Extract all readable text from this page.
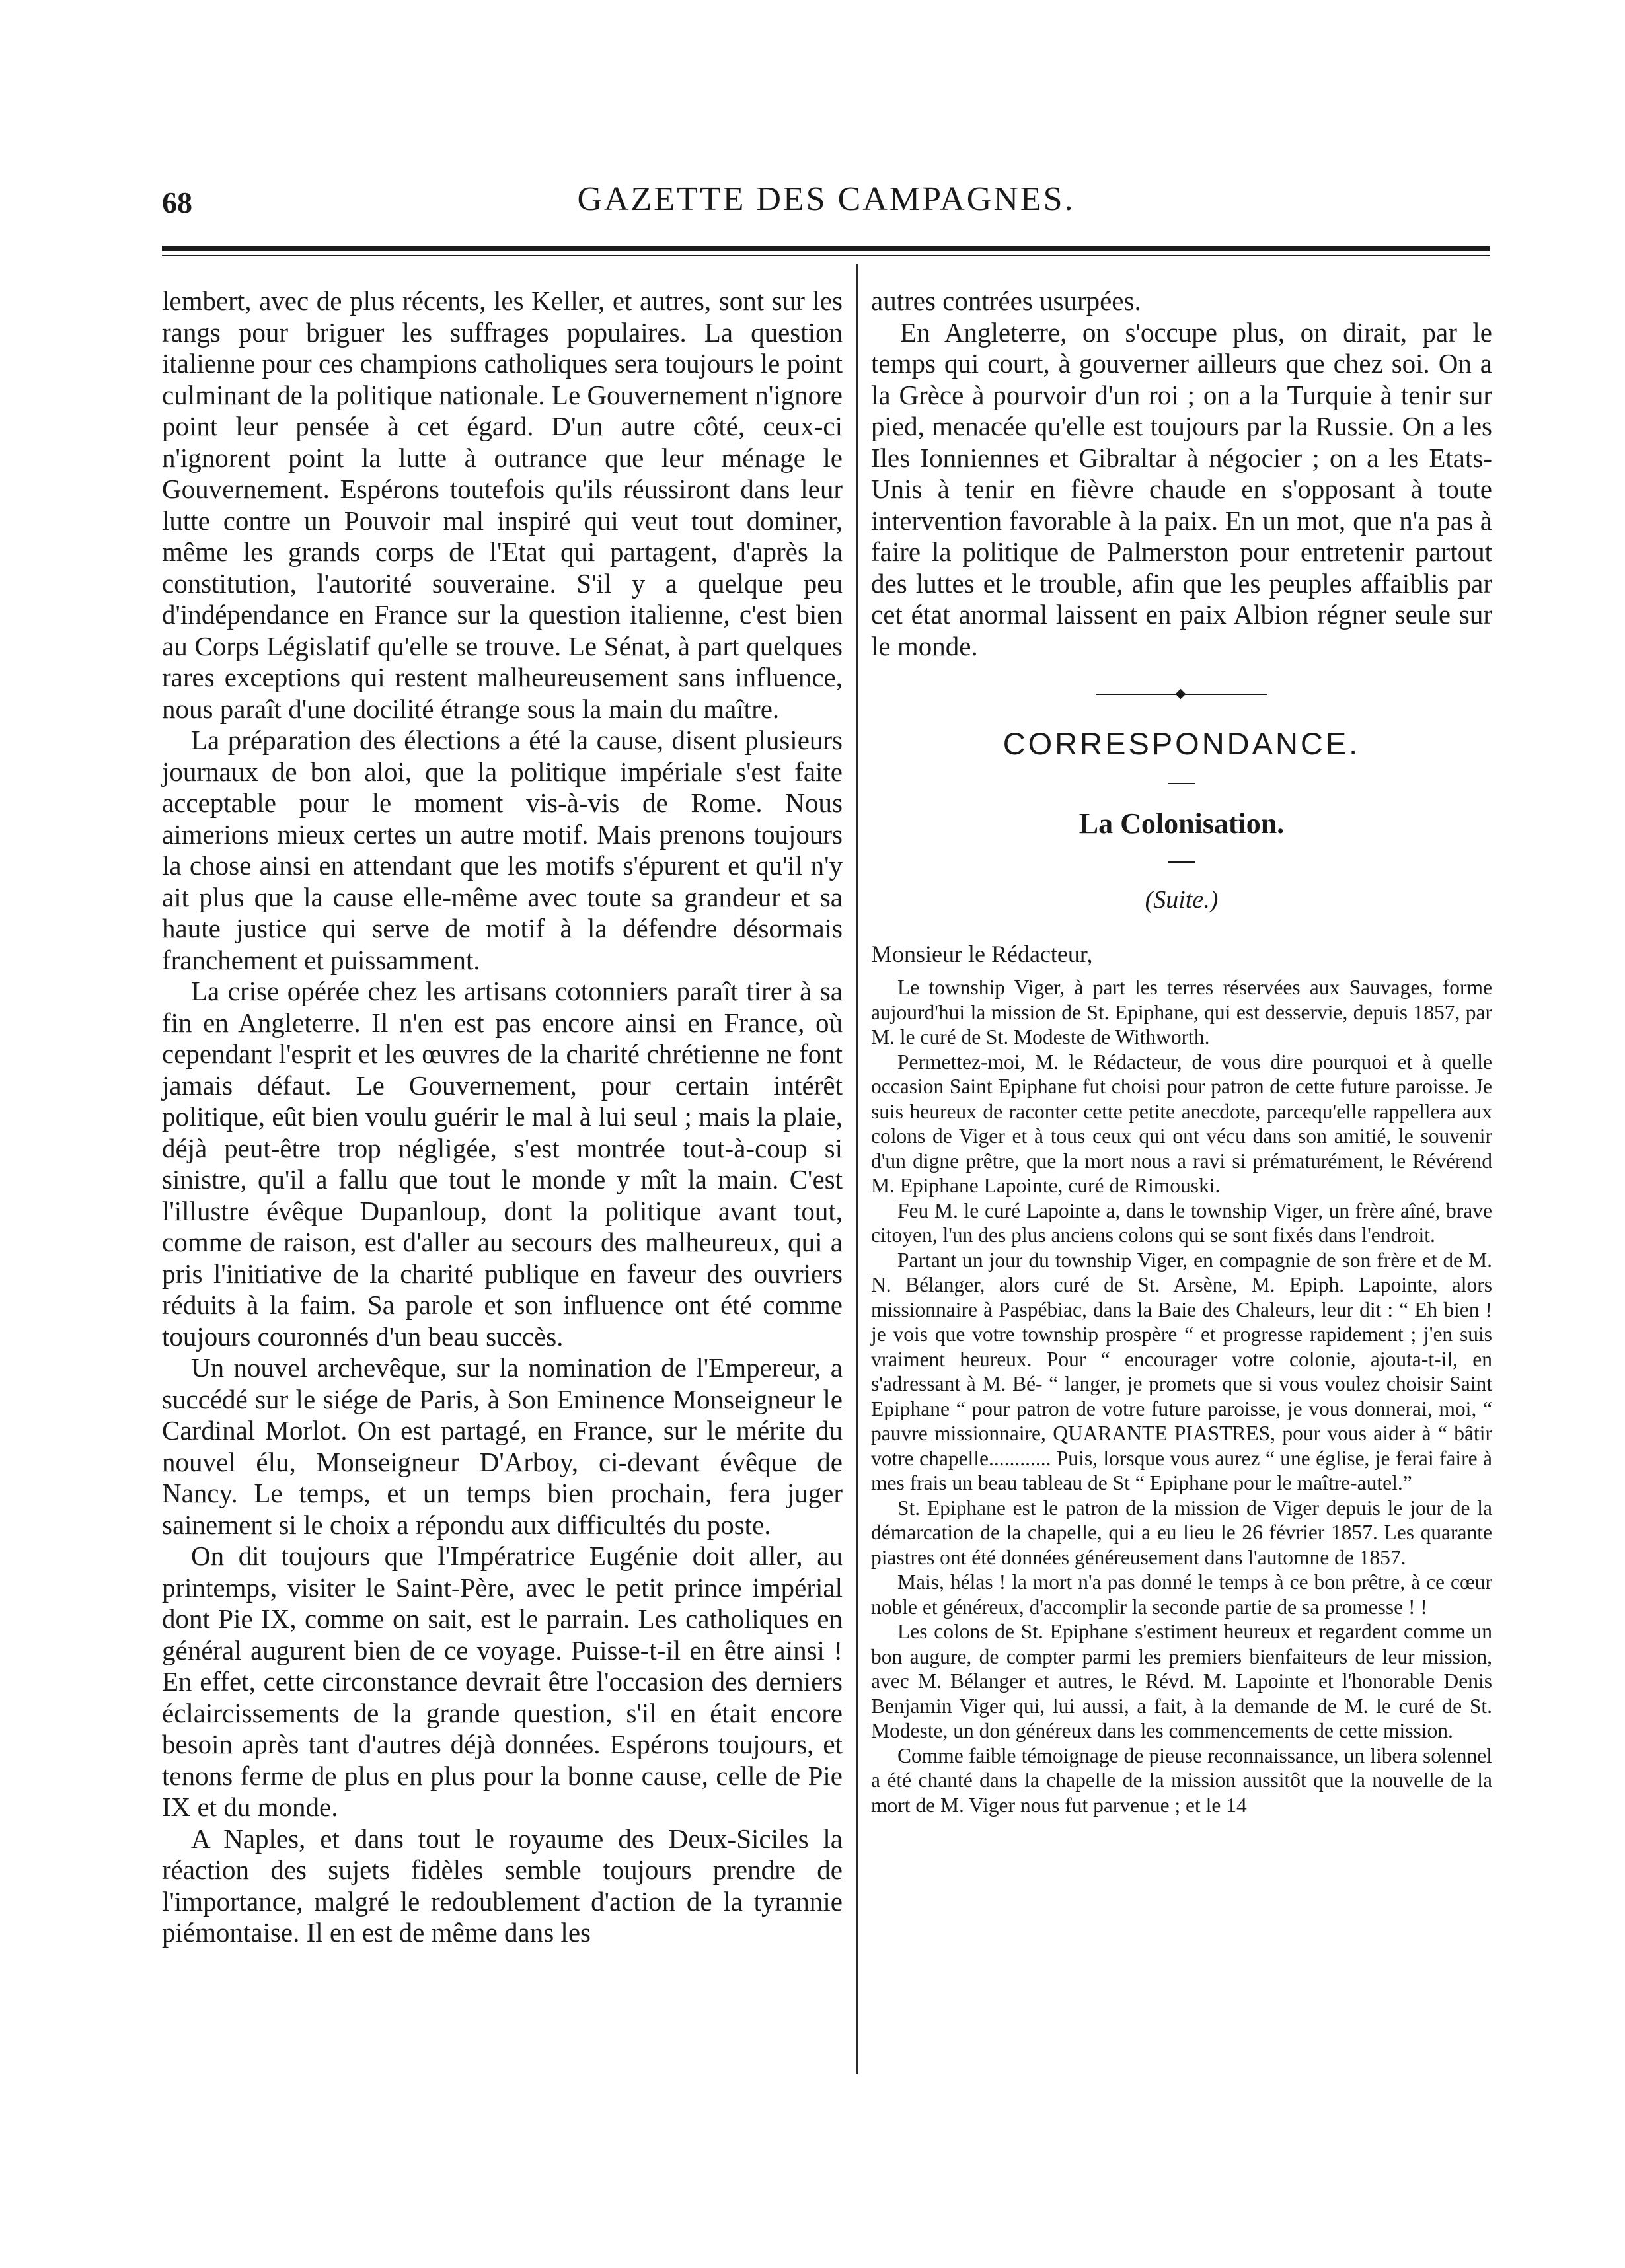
68	GAZETTE DES CAMPAGNES.

lembert, avec de plus récents, les Keller, et autres, sont sur les rangs pour briguer les suffrages populaires. La question italienne pour ces champions catholiques sera toujours le point culminant de la politique nationale. Le Gouvernement n'ignore point leur pensée à cet égard. D'un autre côté, ceux-ci n'ignorent point la lutte à outrance que leur ménage le Gouvernement. Espérons toutefois qu'ils réussiront dans leur lutte contre un Pouvoir mal inspiré qui veut tout dominer, même les grands corps de l'Etat qui partagent, d'après la constitution, l'autorité souveraine. S'il y a quelque peu d'indépendance en France sur la question italienne, c'est bien au Corps Législatif qu'elle se trouve. Le Sénat, à part quelques rares exceptions qui restent malheureusement sans influence, nous paraît d'une docilité étrange sous la main du maître.

La préparation des élections a été la cause, disent plusieurs journaux de bon aloi, que la politique impériale s'est faite acceptable pour le moment vis-à-vis de Rome. Nous aimerions mieux certes un autre motif. Mais prenons toujours la chose ainsi en attendant que les motifs s'épurent et qu'il n'y ait plus que la cause elle-même avec toute sa grandeur et sa haute justice qui serve de motif à la défendre désormais franchement et puissamment.

La crise opérée chez les artisans cotonniers paraît tirer à sa fin en Angleterre. Il n'en est pas encore ainsi en France, où cependant l'esprit et les œuvres de la charité chrétienne ne font jamais défaut. Le Gouvernement, pour certain intérêt politique, eût bien voulu guérir le mal à lui seul ; mais la plaie, déjà peut-être trop négligée, s'est montrée tout-à-coup si sinistre, qu'il a fallu que tout le monde y mît la main. C'est l'illustre évêque Dupanloup, dont la politique avant tout, comme de raison, est d'aller au secours des malheureux, qui a pris l'initiative de la charité publique en faveur des ouvriers réduits à la faim. Sa parole et son influence ont été comme toujours couronnés d'un beau succès.

Un nouvel archevêque, sur la nomination de l'Empereur, a succédé sur le siége de Paris, à Son Eminence Monseigneur le Cardinal Morlot. On est partagé, en France, sur le mérite du nouvel élu, Monseigneur D'Arboy, ci-devant évêque de Nancy. Le temps, et un temps bien prochain, fera juger sainement si le choix a répondu aux difficultés du poste.

On dit toujours que l'Impératrice Eugénie doit aller, au printemps, visiter le Saint-Père, avec le petit prince impérial dont Pie IX, comme on sait, est le parrain. Les catholiques en général augurent bien de ce voyage. Puisse-t-il en être ainsi ! En effet, cette circonstance devrait être l'occasion des derniers éclaircissements de la grande question, s'il en était encore besoin après tant d'autres déjà données. Espérons toujours, et tenons ferme de plus en plus pour la bonne cause, celle de Pie IX et du monde.

A Naples, et dans tout le royaume des Deux-Siciles la réaction des sujets fidèles semble toujours prendre de l'importance, malgré le redoublement d'action de la tyrannie piémontaise. Il en est de même dans les

autres contrées usurpées.

En Angleterre, on s'occupe plus, on dirait, par le temps qui court, à gouverner ailleurs que chez soi. On a la Grèce à pourvoir d'un roi ; on a la Turquie à tenir sur pied, menacée qu'elle est toujours par la Russie. On a les Iles Ionniennes et Gibraltar à négocier ; on a les Etats-Unis à tenir en fièvre chaude en s'opposant à toute intervention favorable à la paix. En un mot, que n'a pas à faire la politique de Palmerston pour entretenir partout des luttes et le trouble, afin que les peuples affaiblis par cet état anormal laissent en paix Albion régner seule sur le monde.

CORRESPONDANCE.
La Colonisation.
(Suite.)
Monsieur le Rédacteur,

Le township Viger, à part les terres réservées aux Sauvages, forme aujourd'hui la mission de St. Epiphane, qui est desservie, depuis 1857, par M. le curé de St. Modeste de Withworth.

Permettez-moi, M. le Rédacteur, de vous dire pourquoi et à quelle occasion Saint Epiphane fut choisi pour patron de cette future paroisse. Je suis heureux de raconter cette petite anecdote, parcequ'elle rappellera aux colons de Viger et à tous ceux qui ont vécu dans son amitié, le souvenir d'un digne prêtre, que la mort nous a ravi si prématurément, le Révérend M. Epiphane Lapointe, curé de Rimouski.

Feu M. le curé Lapointe a, dans le township Viger, un frère aîné, brave citoyen, l'un des plus anciens colons qui se sont fixés dans l'endroit.

Partant un jour du township Viger, en compagnie de son frère et de M. N. Bélanger, alors curé de St. Arsène, M. Epiph. Lapointe, alors missionnaire à Paspébiac, dans la Baie des Chaleurs, leur dit : “ Eh bien ! je vois que votre township prospère “ et progresse rapidement ; j'en suis vraiment heureux. Pour “ encourager votre colonie, ajouta-t-il, en s'adressant à M. Bé- “ langer, je promets que si vous voulez choisir Saint Epiphane “ pour patron de votre future paroisse, je vous donnerai, moi, “ pauvre missionnaire, QUARANTE PIASTRES, pour vous aider à “ bâtir votre chapelle............ Puis, lorsque vous aurez “ une église, je ferai faire à mes frais un beau tableau de St “ Epiphane pour le maître-autel.”

St. Epiphane est le patron de la mission de Viger depuis le jour de la démarcation de la chapelle, qui a eu lieu le 26 février 1857. Les quarante piastres ont été données généreusement dans l'automne de 1857.

Mais, hélas ! la mort n'a pas donné le temps à ce bon prêtre, à ce cœur noble et généreux, d'accomplir la seconde partie de sa promesse ! !

Les colons de St. Epiphane s'estiment heureux et regardent comme un bon augure, de compter parmi les premiers bienfaiteurs de leur mission, avec M. Bélanger et autres, le Révd. M. Lapointe et l'honorable Denis Benjamin Viger qui, lui aussi, a fait, à la demande de M. le curé de St. Modeste, un don généreux dans les commencements de cette mission.

Comme faible témoignage de pieuse reconnaissance, un libera solennel a été chanté dans la chapelle de la mission aussitôt que la nouvelle de la mort de M. Viger nous fut parvenue ; et le 14
